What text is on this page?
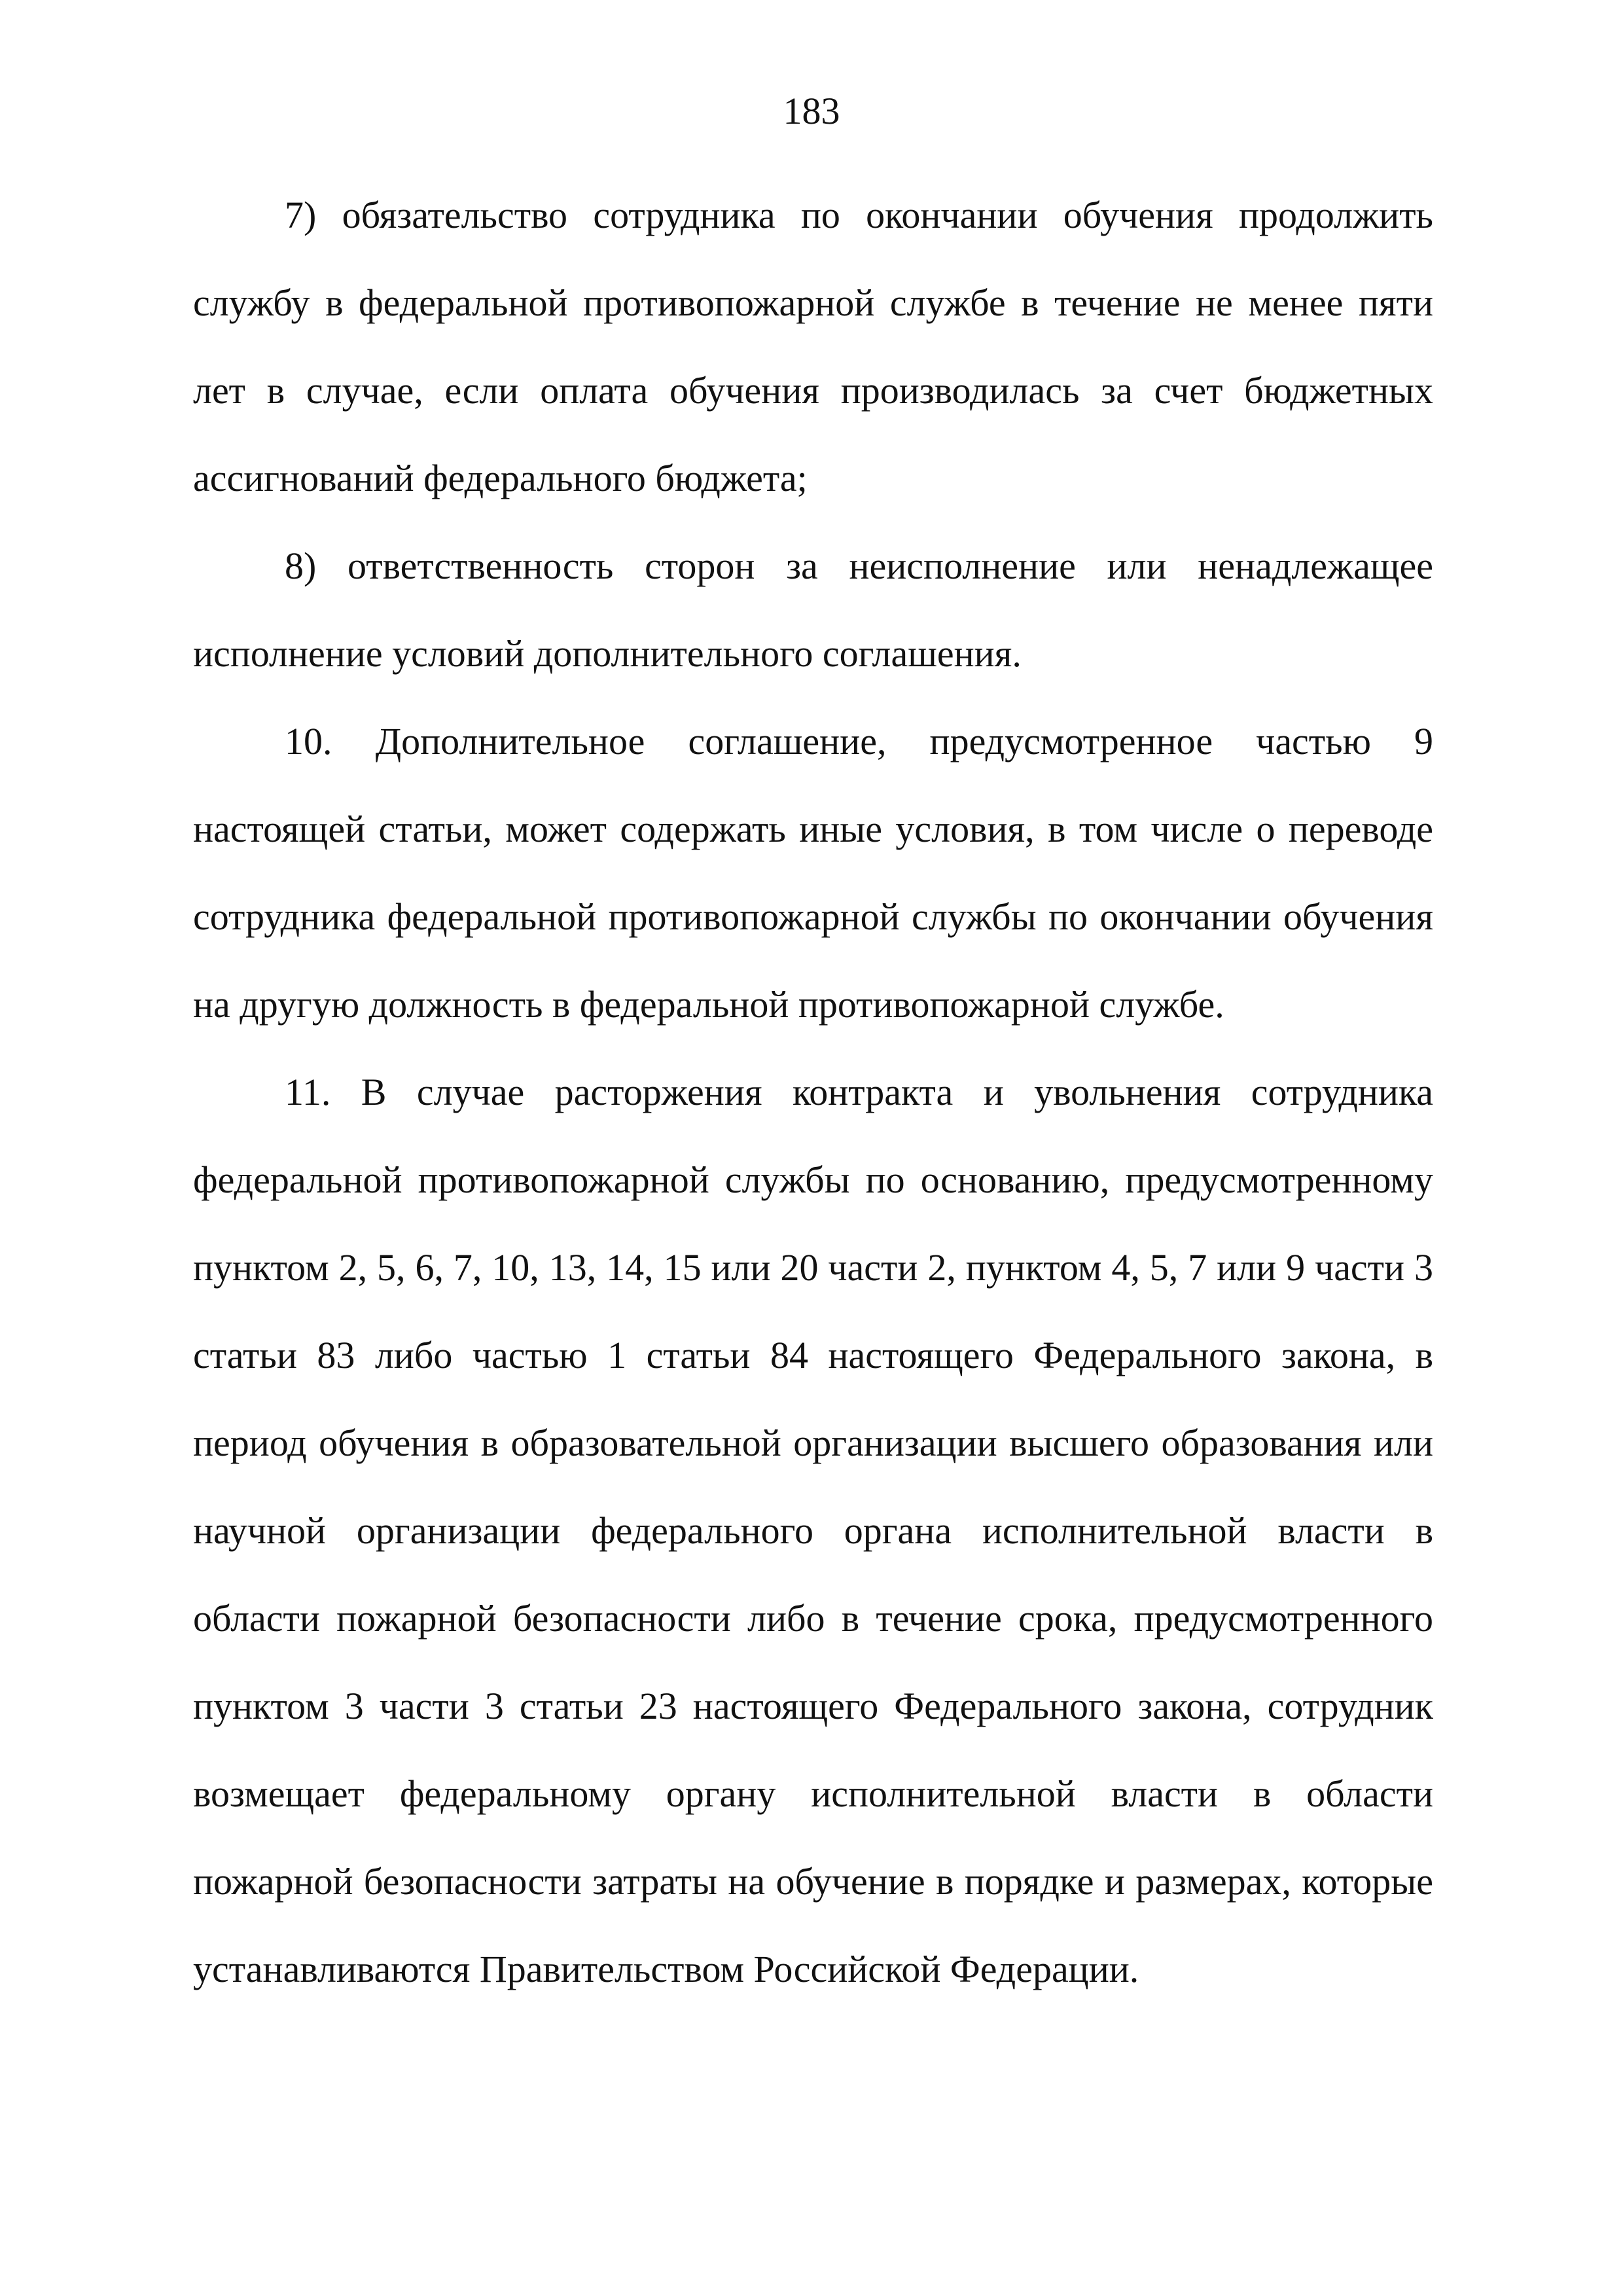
183

7) обязательство сотрудника по окончании обучения продолжить службу в федеральной противопожарной службе в течение не менее пяти лет в случае, если оплата обучения производилась за счет бюджетных ассигнований федерального бюджета;

8) ответственность сторон за неисполнение или ненадлежащее исполнение условий дополнительного соглашения.

10. Дополнительное соглашение, предусмотренное частью 9 настоящей статьи, может содержать иные условия, в том числе о переводе сотрудника федеральной противопожарной службы по окончании обучения на другую должность в федеральной противопожарной службе.

11. В случае расторжения контракта и увольнения сотрудника федеральной противопожарной службы по основанию, предусмотренному пунктом 2, 5, 6, 7, 10, 13, 14, 15 или 20 части 2, пунктом 4, 5, 7 или 9 части 3 статьи 83 либо частью 1 статьи 84 настоящего Федерального закона, в период обучения в образовательной организации высшего образования или научной организации федерального органа исполнительной власти в области пожарной безопасности либо в течение срока, предусмотренного пунктом 3 части 3 статьи 23 настоящего Федерального закона, сотрудник возмещает федеральному органу исполнительной власти в области пожарной безопасности затраты на обучение в порядке и размерах, которые устанавливаются Правительством Российской Федерации.
